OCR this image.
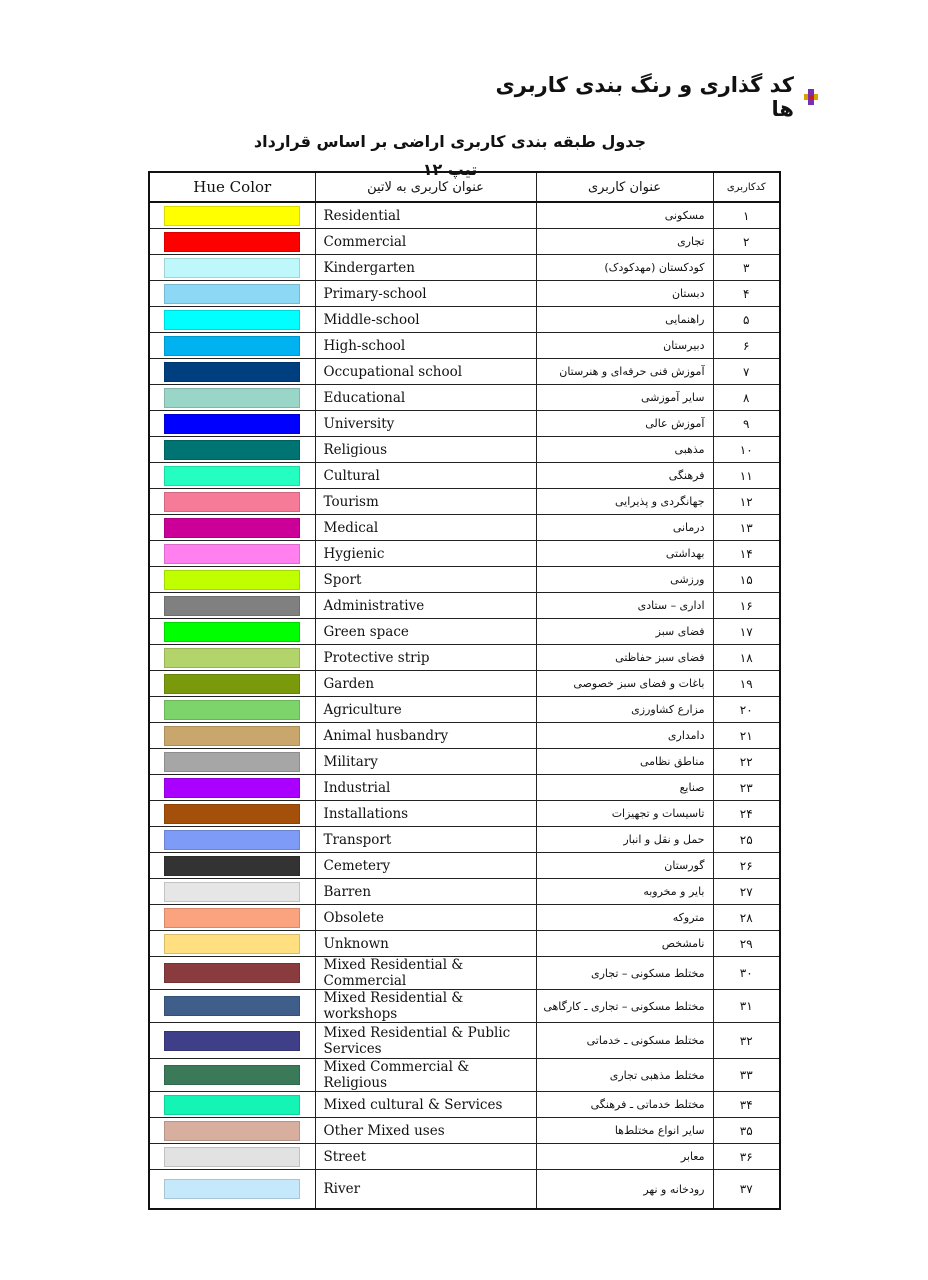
کد گذاری و رنگ بندی کاربری ها
جدول طبقه بندی کاربری اراضی بر اساس قرارداد تیپ ۱۲
Hue Color	عنوان کاربری به لاتین	عنوان کاربری	کدکاربری

	Residential	مسکونی	۱

	Commercial	تجاری	۲

	Kindergarten	کودکستان (مهدکودک)	۳

	Primary-school	دبستان	۴

	Middle-school	راهنمایی	۵

	High-school	دبیرستان	۶

	Occupational school	آموزش فنی حرفه‌ای و هنرستان	۷

	Educational	سایر آموزشی	۸

	University	آموزش عالی	۹

	Religious	مذهبی	۱۰

	Cultural	فرهنگی	۱۱

	Tourism	جهانگردی و پذیرایی	۱۲

	Medical	درمانی	۱۳

	Hygienic	بهداشتی	۱۴

	Sport	ورزشی	۱۵

	Administrative	اداری – ستادی	۱۶

	Green space	فضای سبز	۱۷

	Protective strip	فضای سبز حفاظتی	۱۸

	Garden	باغات و فضای سبز خصوصی	۱۹

	Agriculture	مزارع کشاورزی	۲۰

	Animal husbandry	دامداری	۲۱

	Military	مناطق نظامی	۲۲

	Industrial	صنایع	۲۳

	Installations	تاسیسات و تجهیزات	۲۴

	Transport	حمل و نقل و انبار	۲۵

	Cemetery	گورستان	۲۶

	Barren	بایر و مخروبه	۲۷

	Obsolete	متروکه	۲۸

	Unknown	نامشخص	۲۹

	Mixed Residential & Commercial	مختلط مسکونی – تجاری	۳۰

	Mixed Residential & workshops	مختلط مسکونی – تجاری ـ کارگاهی	۳۱

	Mixed Residential & Public Services	مختلط مسکونی ـ خدماتی	۳۲

	Mixed Commercial & Religious	مختلط مذهبی تجاری	۳۳

	Mixed cultural & Services	مختلط خدماتی ـ فرهنگی	۳۴

	Other Mixed uses	سایر انواع مختلط‌ها	۳۵

	Street	معابر	۳۶

	River	رودخانه و نهر	۳۷
